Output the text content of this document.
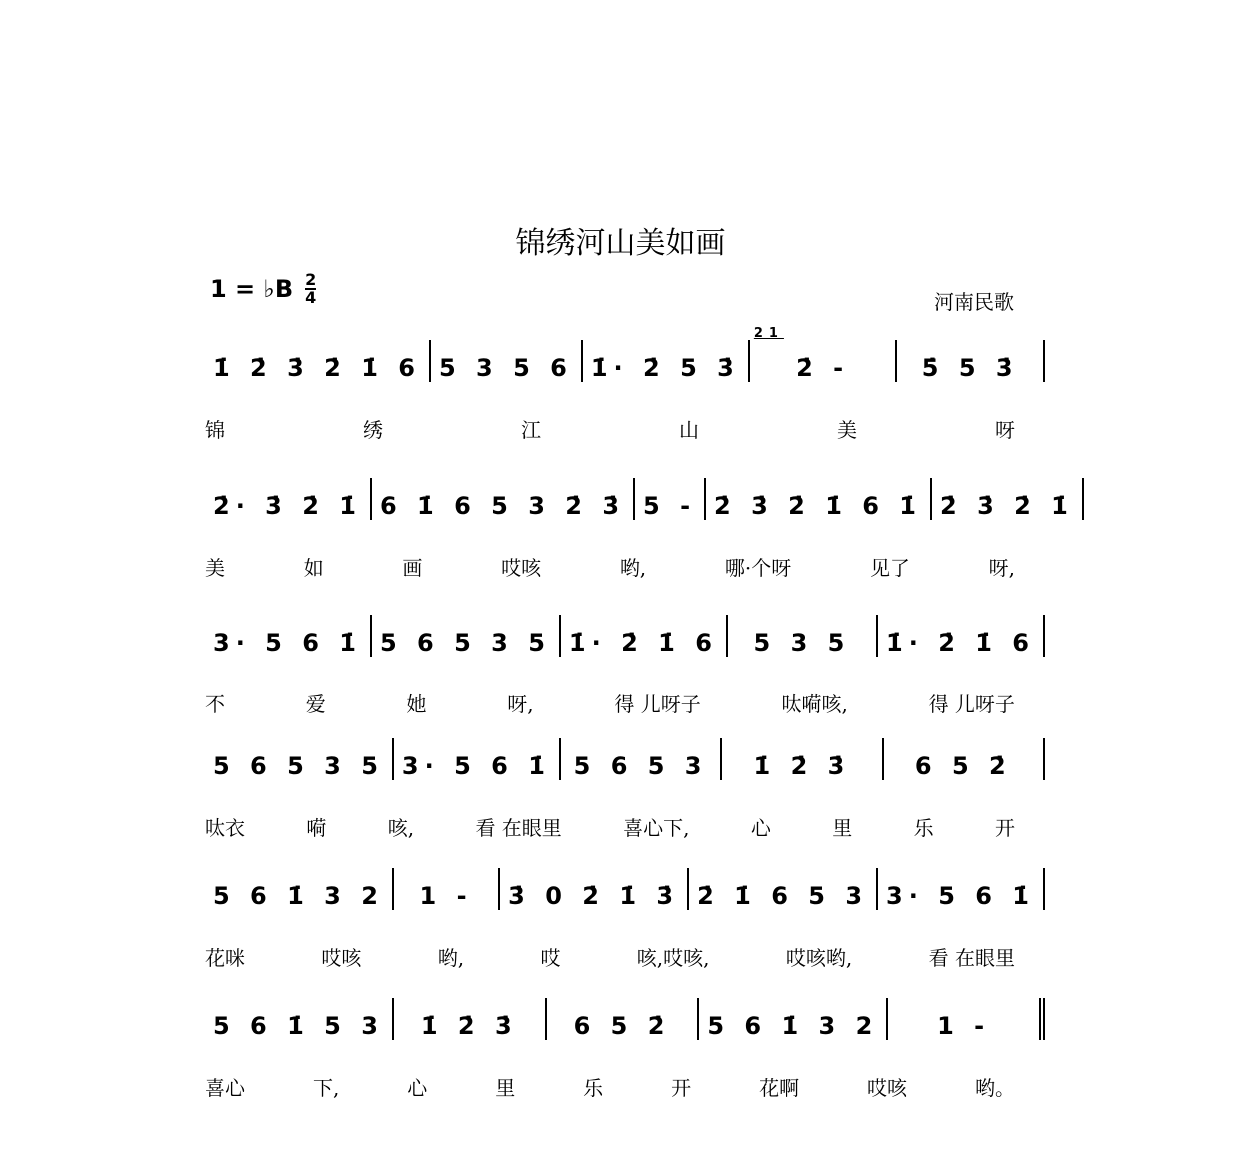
锦绣河山美如画
1 = ♭B $\frac{2}{4}$	河南民歌
1̇ 2̇ 3̇ 2̇ 1̇ 6 5 3 5 6 1̇· 2̇ 5 3̇	21 2̇ -	5̇ 5 3̇
锦	绣	江	山	美	呀
2̇· 3̇ 2̇ 1̇ 6 1̇ 6 5 3 2̇ 3̇ 5 - 2̇ 3̇ 2̇ 1̇ 6 1̇ 2̇ 3̇ 2̇ 1̇
美	如	画	哎咳	哟,	哪·个呀	见了	呀,
3· 5 6 1̇ 5 6 5 3 5 1̇· 2̇ 1̇ 6	5 3 5	1̇· 2̇ 1̇ 6
不	爱	她	呀,	得 儿呀子	呔嗬咳,	得 儿呀子
5 6 5 3 5 3· 5 6 1̇ 5 6 5 3	1̇ 2̇ 3̇	6 5 2̇
呔衣	嗬	咳,	看 在眼里	喜心下,	心	里	乐	开
5 6 1̇ 3 2	1 -	3̇ 0 2̇ 1̇ 3̇ 2̇ 1̇ 6 5 3 3· 5 6 1̇
花咪	哎咳	哟,	哎	咳,哎咳,	哎咳哟,	看 在眼里
5 6 1̇ 5 3	1̇ 2̇ 3̇	6 5 2̇	5 6 1̇ 3 2	1 -
喜心	下,	心	里	乐	开	花啊	哎咳	哟。
